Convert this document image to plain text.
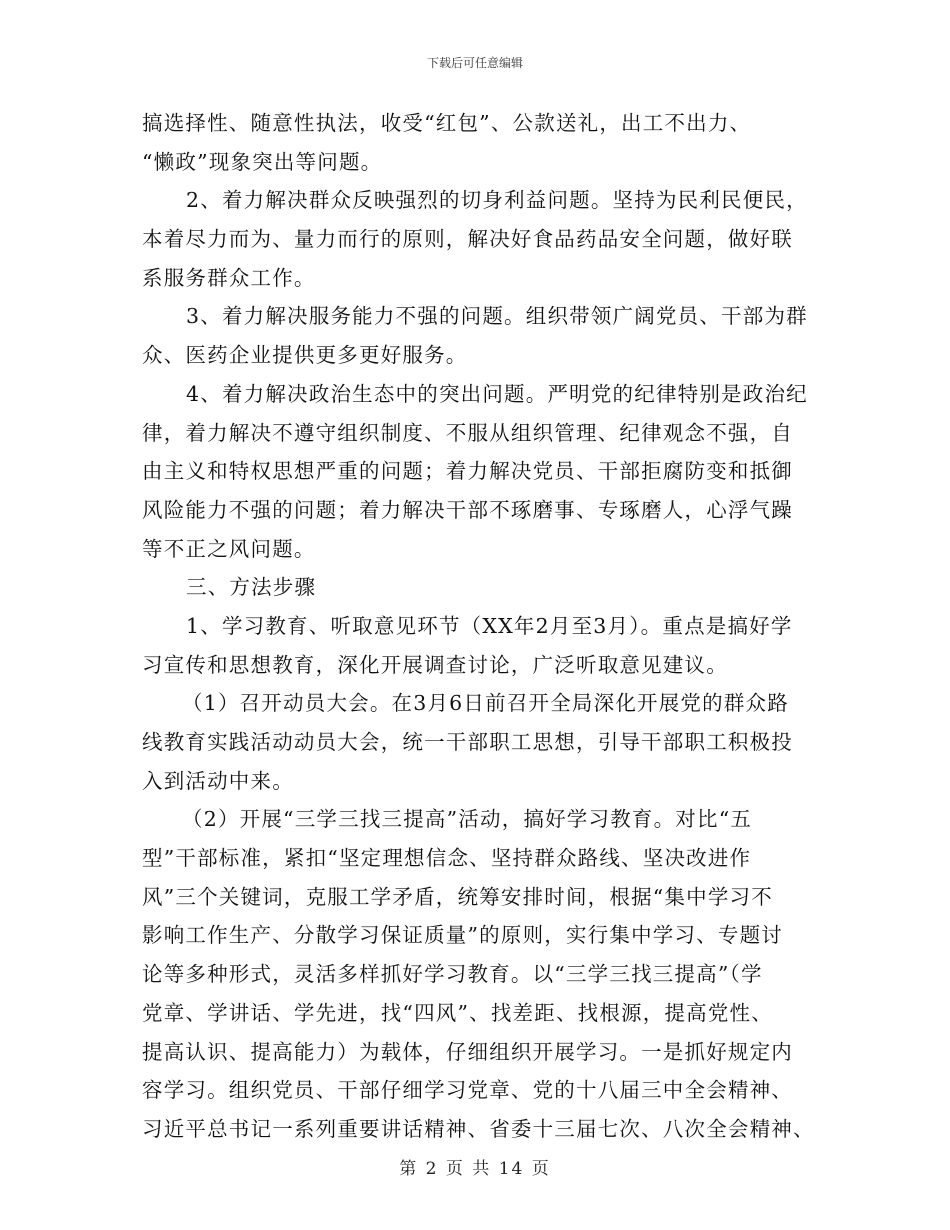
下载后可任意编辑
搞选择性、随意性执法，收受“红包”、公款送礼，出工不出力、
“懒政”现象突出等问题。
2、着力解决群众反映强烈的切身利益问题。坚持为民利民便民，
本着尽力而为、量力而行的原则，解决好食品药品安全问题，做好联
系服务群众工作。
3、着力解决服务能力不强的问题。组织带领广阔党员、干部为群
众、医药企业提供更多更好服务。
4、着力解决政治生态中的突出问题。严明党的纪律特别是政治纪
律，着力解决不遵守组织制度、不服从组织管理、纪律观念不强，自
由主义和特权思想严重的问题；着力解决党员、干部拒腐防变和抵御
风险能力不强的问题；着力解决干部不琢磨事、专琢磨人，心浮气躁
等不正之风问题。
三、方法步骤
1、学习教育、听取意见环节（XX年2月至3月）。重点是搞好学
习宣传和思想教育，深化开展调查讨论，广泛听取意见建议。
（1）召开动员大会。在3月6日前召开全局深化开展党的群众路
线教育实践活动动员大会，统一干部职工思想，引导干部职工积极投
入到活动中来。
（2）开展“三学三找三提高”活动，搞好学习教育。对比“五
型”干部标准，紧扣“坚定理想信念、坚持群众路线、坚决改进作
风”三个关键词，克服工学矛盾，统筹安排时间，根据“集中学习不
影响工作生产、分散学习保证质量”的原则，实行集中学习、专题讨
论等多种形式，灵活多样抓好学习教育。以“三学三找三提高”（学
党章、学讲话、学先进，找“四风”、找差距、找根源，提高党性、
提高认识、提高能力）为载体，仔细组织开展学习。一是抓好规定内
容学习。组织党员、干部仔细学习党章、党的十八届三中全会精神、
习近平总书记一系列重要讲话精神、省委十三届七次、八次全会精神、
第 2 页 共 14 页
